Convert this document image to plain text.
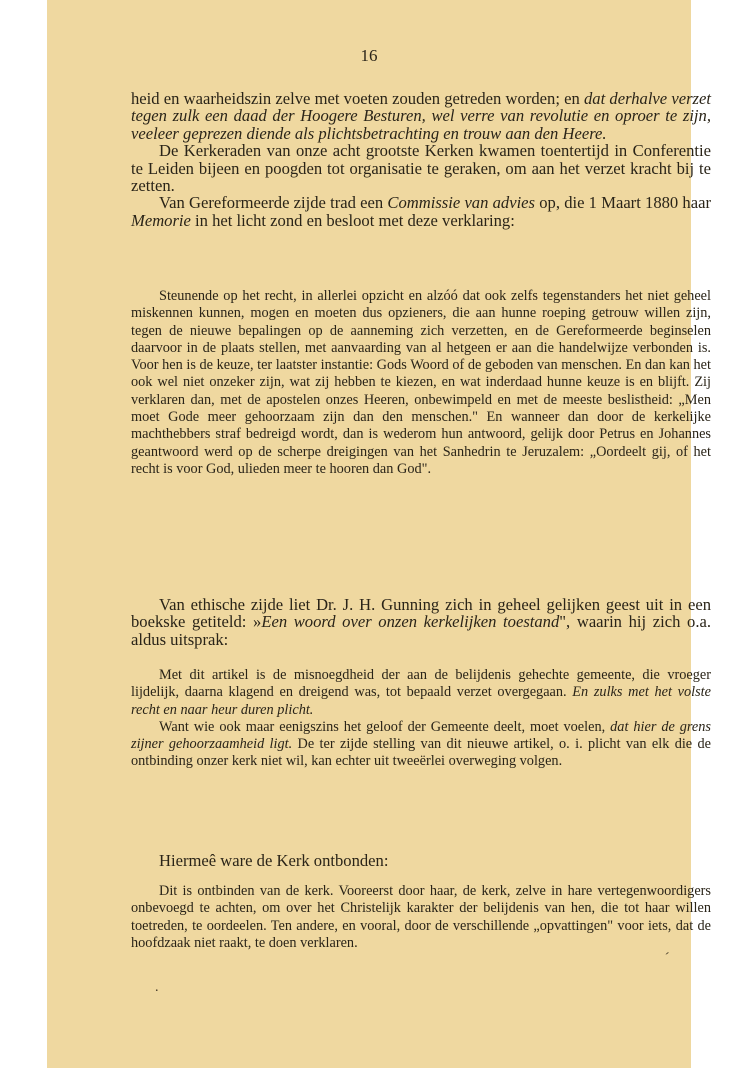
16

heid en waarheidszin zelve met voeten zouden getreden worden; en dat derhalve verzet tegen zulk een daad der Hoogere Besturen, wel verre van revolutie en oproer te zijn, veeleer geprezen diende als plichtsbetrachting en trouw aan den Heere.

De Kerkeraden van onze acht grootste Kerken kwamen toentertijd in Conferentie te Leiden bijeen en poogden tot organisatie te geraken, om aan het verzet kracht bij te zetten.

Van Gereformeerde zijde trad een Commissie van advies op, die 1 Maart 1880 haar Memorie in het licht zond en besloot met deze verklaring:

Steunende op het recht, in allerlei opzicht en alzóó dat ook zelfs tegenstanders het niet geheel miskennen kunnen, mogen en moeten dus opzieners, die aan hunne roeping getrouw willen zijn, tegen de nieuwe bepalingen op de aanneming zich verzetten, en de Gereformeerde beginselen daarvoor in de plaats stellen, met aanvaarding van al hetgeen er aan die handelwijze verbonden is. Voor hen is de keuze, ter laatster instantie: Gods Woord of de geboden van menschen. En dan kan het ook wel niet onzeker zijn, wat zij hebben te kiezen, en wat inderdaad hunne keuze is en blijft. Zij verklaren dan, met de apostelen onzes Heeren, onbewimpeld en met de meeste beslistheid: „Men moet Gode meer gehoorzaam zijn dan den menschen." En wanneer dan door de kerkelijke machthebbers straf bedreigd wordt, dan is wederom hun antwoord, gelijk door Petrus en Johannes geantwoord werd op de scherpe dreigingen van het Sanhedrin te Jeruzalem: „Oordeelt gij, of het recht is voor God, ulieden meer te hooren dan God".

Van ethische zijde liet Dr. J. H. Gunning zich in geheel gelijken geest uit in een boekske getiteld: »Een woord over onzen kerkelijken toestand", waarin hij zich o.a. aldus uitsprak:

Met dit artikel is de misnoegdheid der aan de belijdenis gehechte gemeente, die vroeger lijdelijk, daarna klagend en dreigend was, tot bepaald verzet overgegaan. En zulks met het volste recht en naar heur duren plicht.

Want wie ook maar eenigszins het geloof der Gemeente deelt, moet voelen, dat hier de grens zijner gehoorzaamheid ligt. De ter zijde stelling van dit nieuwe artikel, o. i. plicht van elk die de ontbinding onzer kerk niet wil, kan echter uit tweeërlei overweging volgen.

Hiermeê ware de Kerk ontbonden:

Dit is ontbinden van de kerk. Vooreerst door haar, de kerk, zelve in hare vertegenwoordigers onbevoegd te achten, om over het Christelijk karakter der belijdenis van hen, die tot haar willen toetreden, te oordeelen. Ten andere, en vooral, door de verschillende „opvattingen" voor iets, dat de hoofdzaak niet raakt, te doen verklaren.

´
.
